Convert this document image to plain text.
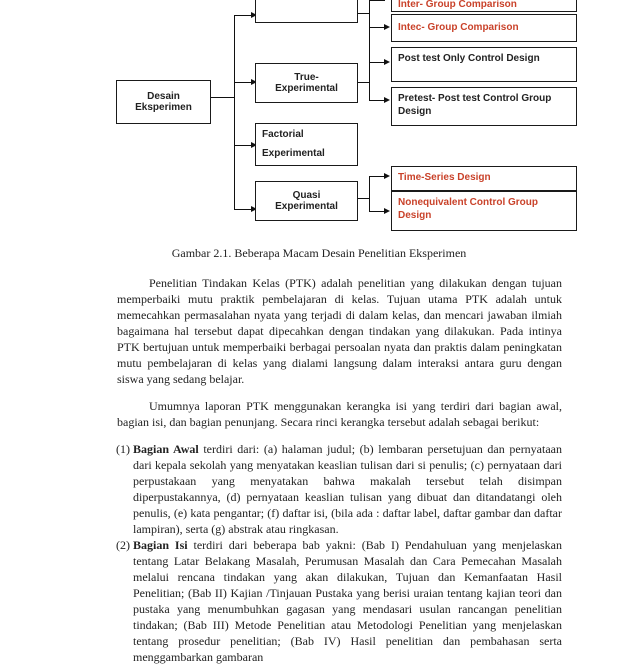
Desain
Eksperimen
True-
Experimental
Factorial
Experimental
Quasi
Experimental
Inter- Group Comparison
Intec- Group Comparison
Post test Only Control Design
Pretest- Post test Control Group Design
Time-Series Design
Nonequivalent Control Group Design
Gambar 2.1. Beberapa Macam Desain Penelitian Eksperimen

Penelitian Tindakan Kelas (PTK) adalah penelitian yang dilakukan dengan tujuan memperbaiki mutu praktik pembelajaran di kelas. Tujuan utama PTK adalah untuk memecahkan permasalahan nyata yang terjadi di dalam kelas, dan mencari jawaban ilmiah bagaimana hal tersebut dapat dipecahkan dengan tindakan yang dilakukan. Pada intinya PTK bertujuan untuk memperbaiki berbagai persoalan nyata dan praktis dalam peningkatan mutu pembelajaran di kelas yang dialami langsung dalam interaksi antara guru dengan siswa yang sedang belajar.

Umumnya laporan PTK menggunakan kerangka isi yang terdiri dari bagian awal, bagian isi, dan bagian penunjang. Secara rinci kerangka tersebut adalah sebagai berikut:

(1) Bagian Awal terdiri dari: (a) halaman judul; (b) lembaran persetujuan dan pernyataan dari kepala sekolah yang menyatakan keaslian tulisan dari si penulis; (c) pernyataan dari perpustakaan yang menyatakan bahwa makalah tersebut telah disimpan diperpustakannya, (d) pernyataan keaslian tulisan yang dibuat dan ditandatangi oleh penulis, (e) kata pengantar; (f) daftar isi, (bila ada : daftar label, daftar gambar dan daftar lampiran), serta (g) abstrak atau ringkasan.
(2) Bagian Isi terdiri dari beberapa bab yakni: (Bab I) Pendahuluan yang menjelaskan tentang Latar Belakang Masalah, Perumusan Masalah dan Cara Pemecahan Masalah melalui rencana tindakan yang akan dilakukan, Tujuan dan Kemanfaatan Hasil Penelitian; (Bab II) Kajian /Tinjauan Pustaka yang berisi uraian tentang kajian teori dan pustaka yang menumbuhkan gagasan yang mendasari usulan rancangan penelitian tindakan; (Bab III) Metode Penelitian atau Metodologi Penelitian yang menjelaskan tentang prosedur penelitian; (Bab IV) Hasil penelitian dan pembahasan serta menggambarkan gambaran
